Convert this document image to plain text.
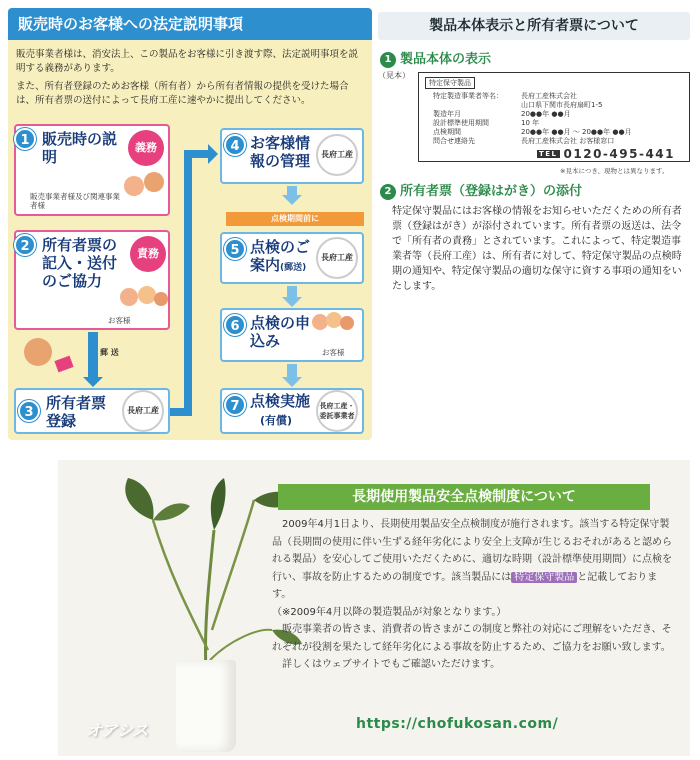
販売時のお客様への法定説明事項
販売事業者様は、消安法上、この製品をお客様に引き渡す際、法定説明事項を説明する義務があります。
また、所有者登録のためお客様（所有者）から所有者情報の提供を受けた場合は、所有者票の送付によって長府工産に速やかに提出してください。
1 販売時の説明
義務
販売事業者様及び関連事業者様
2 所有者票の記入・送付のご協力
責務
お客様
郵 送
3
所有者票登録
長府工産
4 お客様情報の管理	長府工産
点検期間前に
5 点検のご案内(郵送)
長府工産
6 点検の申込み
お客様
7 点検実施
(有償)
長府工産・委託事業者
製品本体表示と所有者票について
1 製品本体の表示
（見本）
特定保守製品
特定製造事業者等名：	長府工産株式会社
山口県下関市長府扇町1-5
製造年月	20●●年 ●●月
設計標準使用期間	10 年
点検期間	20●●年 ●●月 ～ 20●●年 ●●月
問合せ連絡先	長府工産株式会社 お客様窓口
TEL 0120-495-441
※見本につき、現物とは異なります。
2 所有者票（登録はがき）の添付
特定保守製品にはお客様の情報をお知らせいただくための所有者票（登録はがき）が添付されています。所有者票の返送は、法令で「所有者の責務」とされています。これによって、特定製造事業者等（長府工産）は、所有者に対して、特定保守製品の点検時期の通知や、特定保守製品の適切な保守に資する事項の通知をいたします。
オアシス
長期使用製品安全点検制度について

2009年4月1日より、長期使用製品安全点検制度が施行されます。該当する特定保守製品（長期間の使用に伴い生ずる経年劣化により安全上支障が生じるおそれがあると認められる製品）を安心してご使用いただくために、適切な時期（設計標準使用期間）に点検を行い、事故を防止するための制度です。該当製品には 特定保守製品 と記載しております。

（※2009年4月以降の製造製品が対象となります。）

販売事業者の皆さま、消費者の皆さまがこの制度と弊社の対応にご理解をいただき、それぞれが役割を果たして経年劣化による事故を防止するため、ご協力をお願い致します。

詳しくはウェブサイトでもご確認いただけます。

https://chofukosan.com/
